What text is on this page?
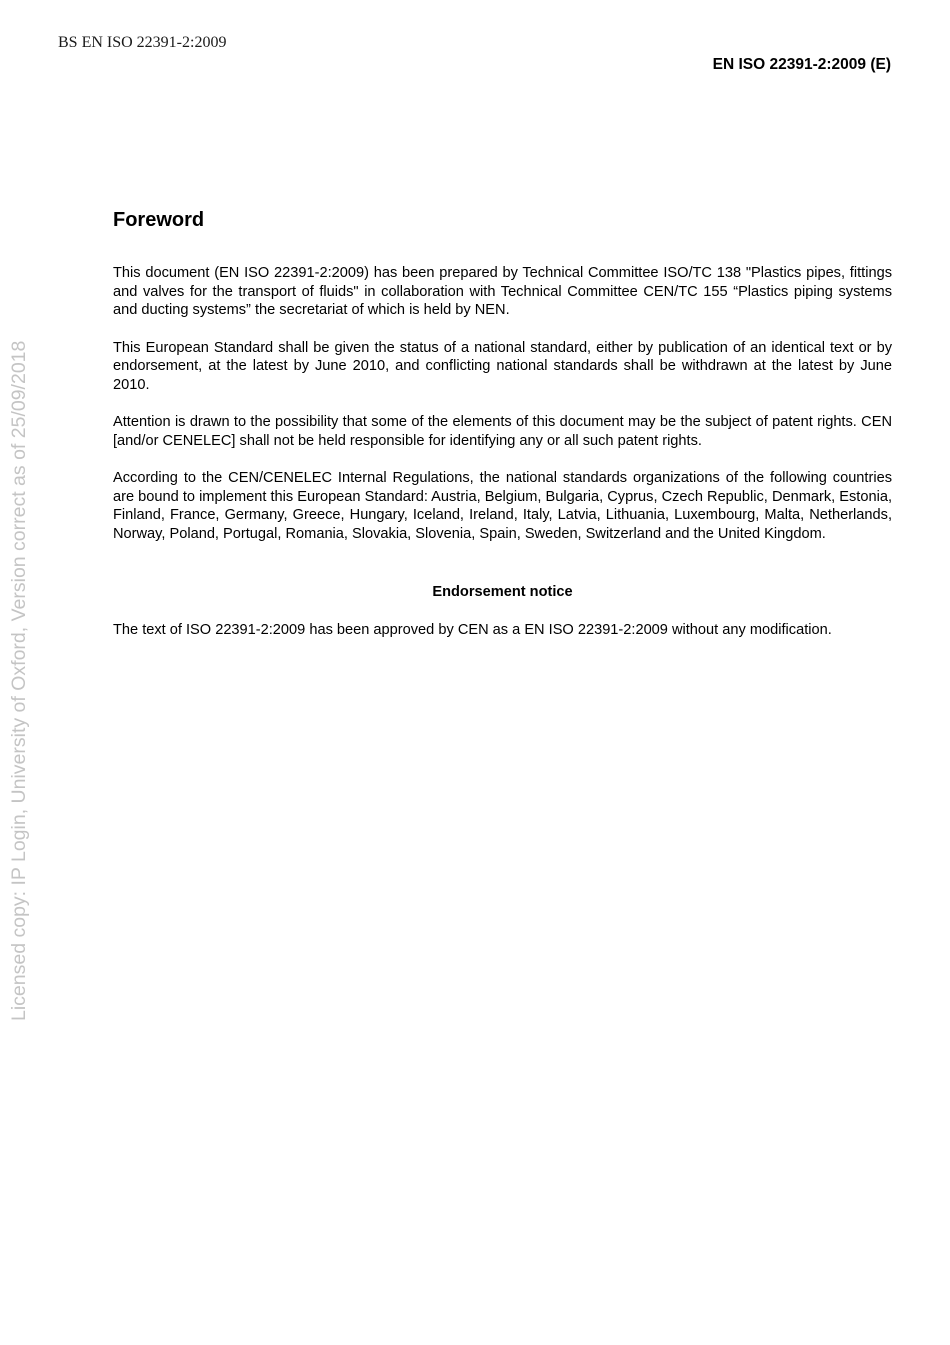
BS EN ISO 22391-2:2009
EN ISO 22391-2:2009 (E)
Licensed copy: IP Login, University of Oxford, Version correct as of 25/09/2018
Foreword

This document (EN ISO 22391-2:2009) has been prepared by Technical Committee ISO/TC 138 "Plastics pipes, fittings and valves for the transport of fluids" in collaboration with Technical Committee CEN/TC 155 “Plastics piping systems and ducting systems” the secretariat of which is held by NEN.

This European Standard shall be given the status of a national standard, either by publication of an identical text or by endorsement, at the latest by June 2010, and conflicting national standards shall be withdrawn at the latest by June 2010.

Attention is drawn to the possibility that some of the elements of this document may be the subject of patent rights. CEN [and/or CENELEC] shall not be held responsible for identifying any or all such patent rights.

According to the CEN/CENELEC Internal Regulations, the national standards organizations of the following countries are bound to implement this European Standard: Austria, Belgium, Bulgaria, Cyprus, Czech Republic, Denmark, Estonia, Finland, France, Germany, Greece, Hungary, Iceland, Ireland, Italy, Latvia, Lithuania, Luxembourg, Malta, Netherlands, Norway, Poland, Portugal, Romania, Slovakia, Slovenia, Spain, Sweden, Switzerland and the United Kingdom.

Endorsement notice

The text of ISO 22391-2:2009 has been approved by CEN as a EN ISO 22391-2:2009 without any modification.
